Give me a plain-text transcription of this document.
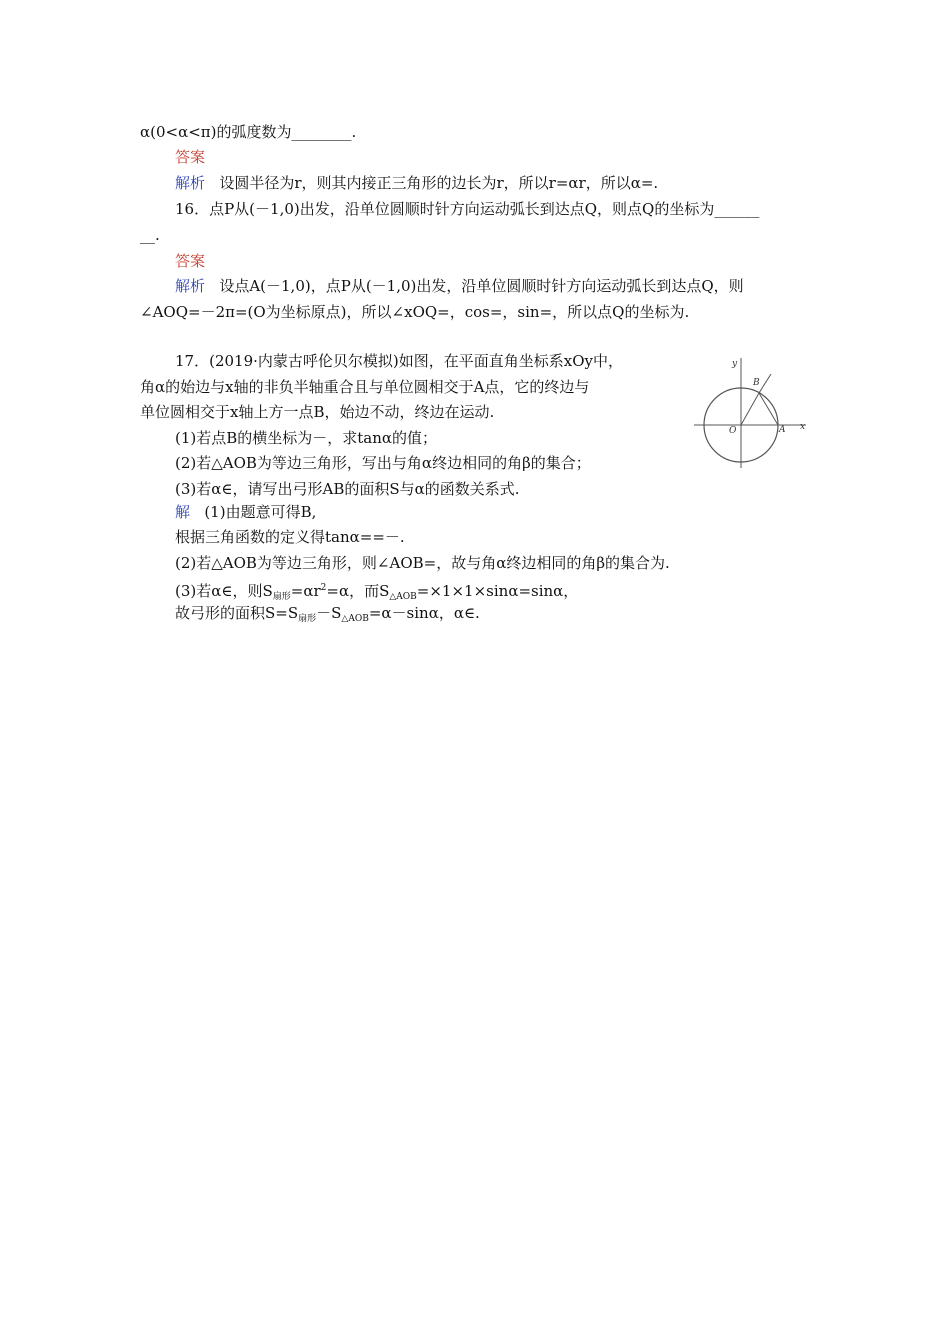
α(0<α<π)的弧度数为________.
答案
解析 设圆半径为r，则其内接正三角形的边长为r，所以r=αr，所以α=.
16．点P从(－1,0)出发，沿单位圆顺时针方向运动弧长到达点Q，则点Q的坐标为______
__.
答案
解析 设点A(－1,0)，点P从(－1,0)出发，沿单位圆顺时针方向运动弧长到达点Q，则
∠AOQ=－2π=(O为坐标原点)，所以∠xOQ=，cos=，sin=，所以点Q的坐标为.
17．(2019·内蒙古呼伦贝尔模拟)如图，在平面直角坐标系xOy中，
角α的始边与x轴的非负半轴重合且与单位圆相交于A点，它的终边与
单位圆相交于x轴上方一点B，始边不动，终边在运动.
(1)若点B的横坐标为－，求tanα的值；
(2)若△AOB为等边三角形，写出与角α终边相同的角β的集合；
(3)若α∈，请写出弓形AB的面积S与α的函数关系式.
解 (1)由题意可得B,
根据三角函数的定义得tanα==－.
(2)若△AOB为等边三角形，则∠AOB=，故与角α终边相同的角β的集合为.
(3)若α∈，则$S_{扇形}=\alpha r^2=\alpha$，而$S_{\triangle AOB}=\times 1\times 1\times\sin\alpha=\sin\alpha$，
故弓形的面积$S=S_{扇形}-S_{\triangle AOB}=\alpha-\sin\alpha$，α∈.
y
x
O	A
B
